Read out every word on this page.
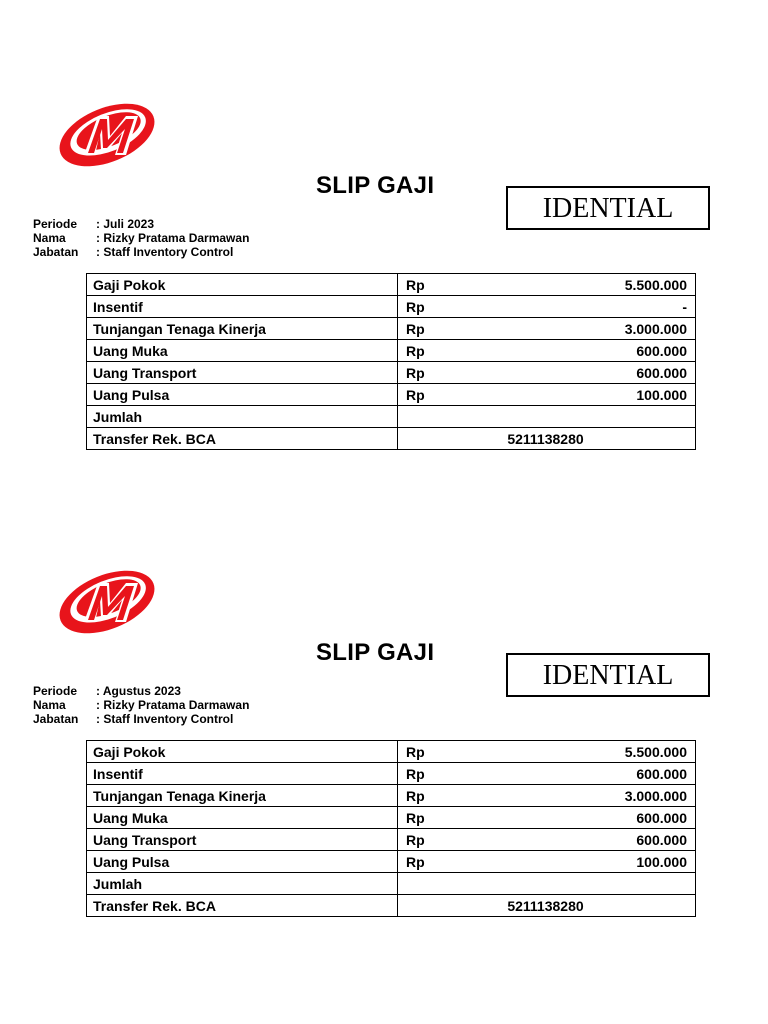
SLIP GAJI
IDENTIAL
Periode	: Juli 2023
Nama	: Rizky Pratama Darmawan
Jabatan	: Staff Inventory Control
Gaji Pokok	Rp	5.500.000
Insentif	Rp	-
Tunjangan Tenaga Kinerja	Rp	3.000.000
Uang Muka	Rp	600.000
Uang Transport	Rp	600.000
Uang Pulsa	Rp	100.000
Jumlah		
Transfer Rek. BCA	5211138280	
SLIP GAJI
IDENTIAL
Periode	: Agustus 2023
Nama	: Rizky Pratama Darmawan
Jabatan	: Staff Inventory Control
Gaji Pokok	Rp	5.500.000
Insentif	Rp	600.000
Tunjangan Tenaga Kinerja	Rp	3.000.000
Uang Muka	Rp	600.000
Uang Transport	Rp	600.000
Uang Pulsa	Rp	100.000
Jumlah		
Transfer Rek. BCA	5211138280	
